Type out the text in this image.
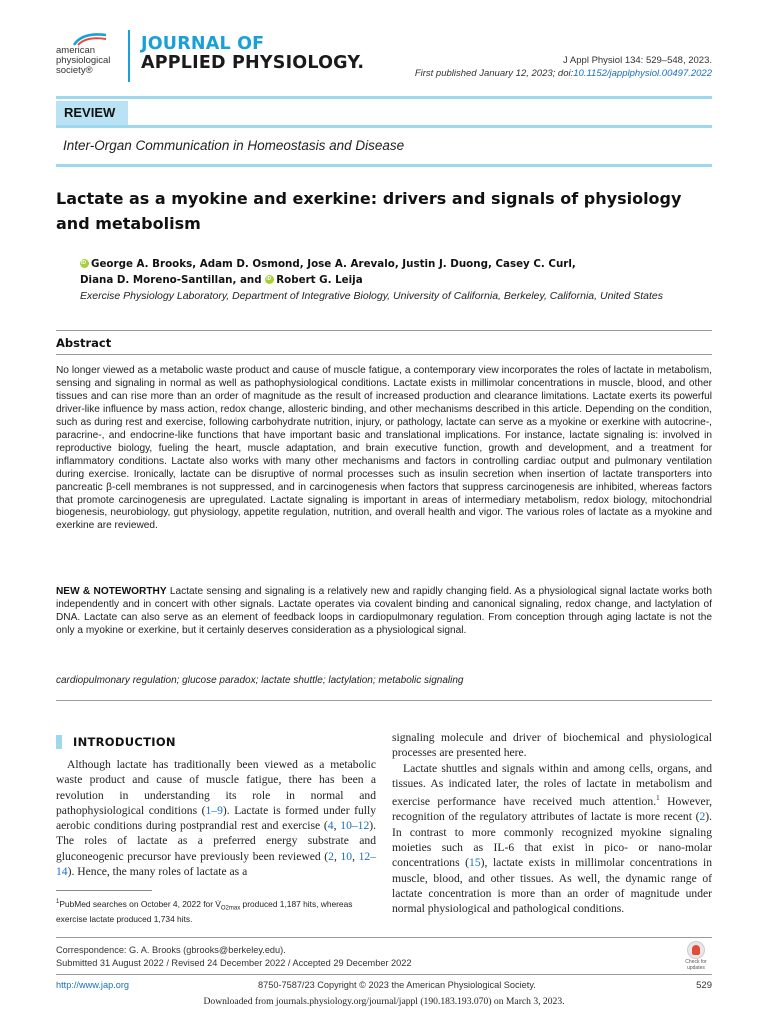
american
physiological
society®
JOURNAL OF
APPLIED PHYSIOLOGY.	J Appl Physiol 134: 529–548, 2023.
First published January 12, 2023; doi:10.1152/japplphysiol.00497.2022
REVIEW
Inter-Organ Communication in Homeostasis and Disease
Lactate as a myokine and exerkine: drivers and signals of physiology and metabolism
iDGeorge A. Brooks, Adam D. Osmond, Jose A. Arevalo, Justin J. Duong, Casey C. Curl,
Diana D. Moreno-Santillan, and iD Robert G. Leija
Exercise Physiology Laboratory, Department of Integrative Biology, University of California, Berkeley, California, United States
Abstract
No longer viewed as a metabolic waste product and cause of muscle fatigue, a contemporary view incorporates the roles of lactate in metabolism, sensing and signaling in normal as well as pathophysiological conditions. Lactate exists in millimolar concentrations in muscle, blood, and other tissues and can rise more than an order of magnitude as the result of increased production and clearance limitations. Lactate exerts its powerful driver-like influence by mass action, redox change, allosteric binding, and other mechanisms described in this article. Depending on the condition, such as during rest and exercise, following carbohydrate nutrition, injury, or pathology, lactate can serve as a myokine or exerkine with autocrine-, paracrine-, and endocrine-like functions that have important basic and translational implications. For instance, lactate signaling is: involved in reproductive biology, fueling the heart, muscle adaptation, and brain executive function, growth and development, and a treatment for inflammatory conditions. Lactate also works with many other mechanisms and factors in controlling cardiac output and pulmonary ventilation during exercise. Ironically, lactate can be disruptive of normal processes such as insulin secretion when insertion of lactate transporters into pancreatic β-cell membranes is not suppressed, and in carcinogenesis when factors that suppress carcinogenesis are inhibited, whereas factors that promote carcinogenesis are upregulated. Lactate signaling is important in areas of intermediary metabolism, redox biology, mitochondrial biogenesis, neurobiology, gut physiology, appetite regulation, nutrition, and overall health and vigor. The various roles of lactate as a myokine and exerkine are reviewed.
NEW & NOTEWORTHY Lactate sensing and signaling is a relatively new and rapidly changing field. As a physiological signal lactate works both independently and in concert with other signals. Lactate operates via covalent binding and canonical signaling, redox change, and lactylation of DNA. Lactate can also serve as an element of feedback loops in cardiopulmonary regulation. From conception through aging lactate is not the only a myokine or exerkine, but it certainly deserves consideration as a physiological signal.
cardiopulmonary regulation; glucose paradox; lactate shuttle; lactylation; metabolic signaling
INTRODUCTION

Although lactate has traditionally been viewed as a metabolic waste product and cause of muscle fatigue, there has been a revolution in understanding its role in normal and pathophysiological conditions (1–9). Lactate is formed under fully aerobic conditions during postprandial rest and exercise (4, 10–12). The roles of lactate as a preferred energy substrate and gluconeogenic precursor have previously been reviewed (2, 10, 12–14). Hence, the many roles of lactate as a

signaling molecule and driver of biochemical and physiological processes are presented here.

Lactate shuttles and signals within and among cells, organs, and tissues. As indicated later, the roles of lactate in metabolism and exercise performance have received much attention.$^1$ However, recognition of the regulatory attributes of lactate is more recent (2). In contrast to more commonly recognized myokine signaling moieties such as IL-6 that exist in pico- or nano-molar concentrations (15), lactate exists in millimolar concentrations in muscle, blood, and other tissues. As well, the dynamic range of lactate concentration is more than an order of magnitude under normal physiological and pathological conditions.

$^1$PubMed searches on October 4, 2022 for $V̇_{O2max}$ produced 1,187 hits, whereas exercise lactate produced 1,734 hits.
Correspondence: G. A. Brooks (gbrooks@berkeley.edu).
Submitted 31 August 2022 / Revised 24 December 2022 / Accepted 29 December 2022	Check for updates
http://www.jap.org	8750-7587/23 Copyright © 2023 the American Physiological Society.	529
Downloaded from journals.physiology.org/journal/jappl (190.183.193.070) on March 3, 2023.
